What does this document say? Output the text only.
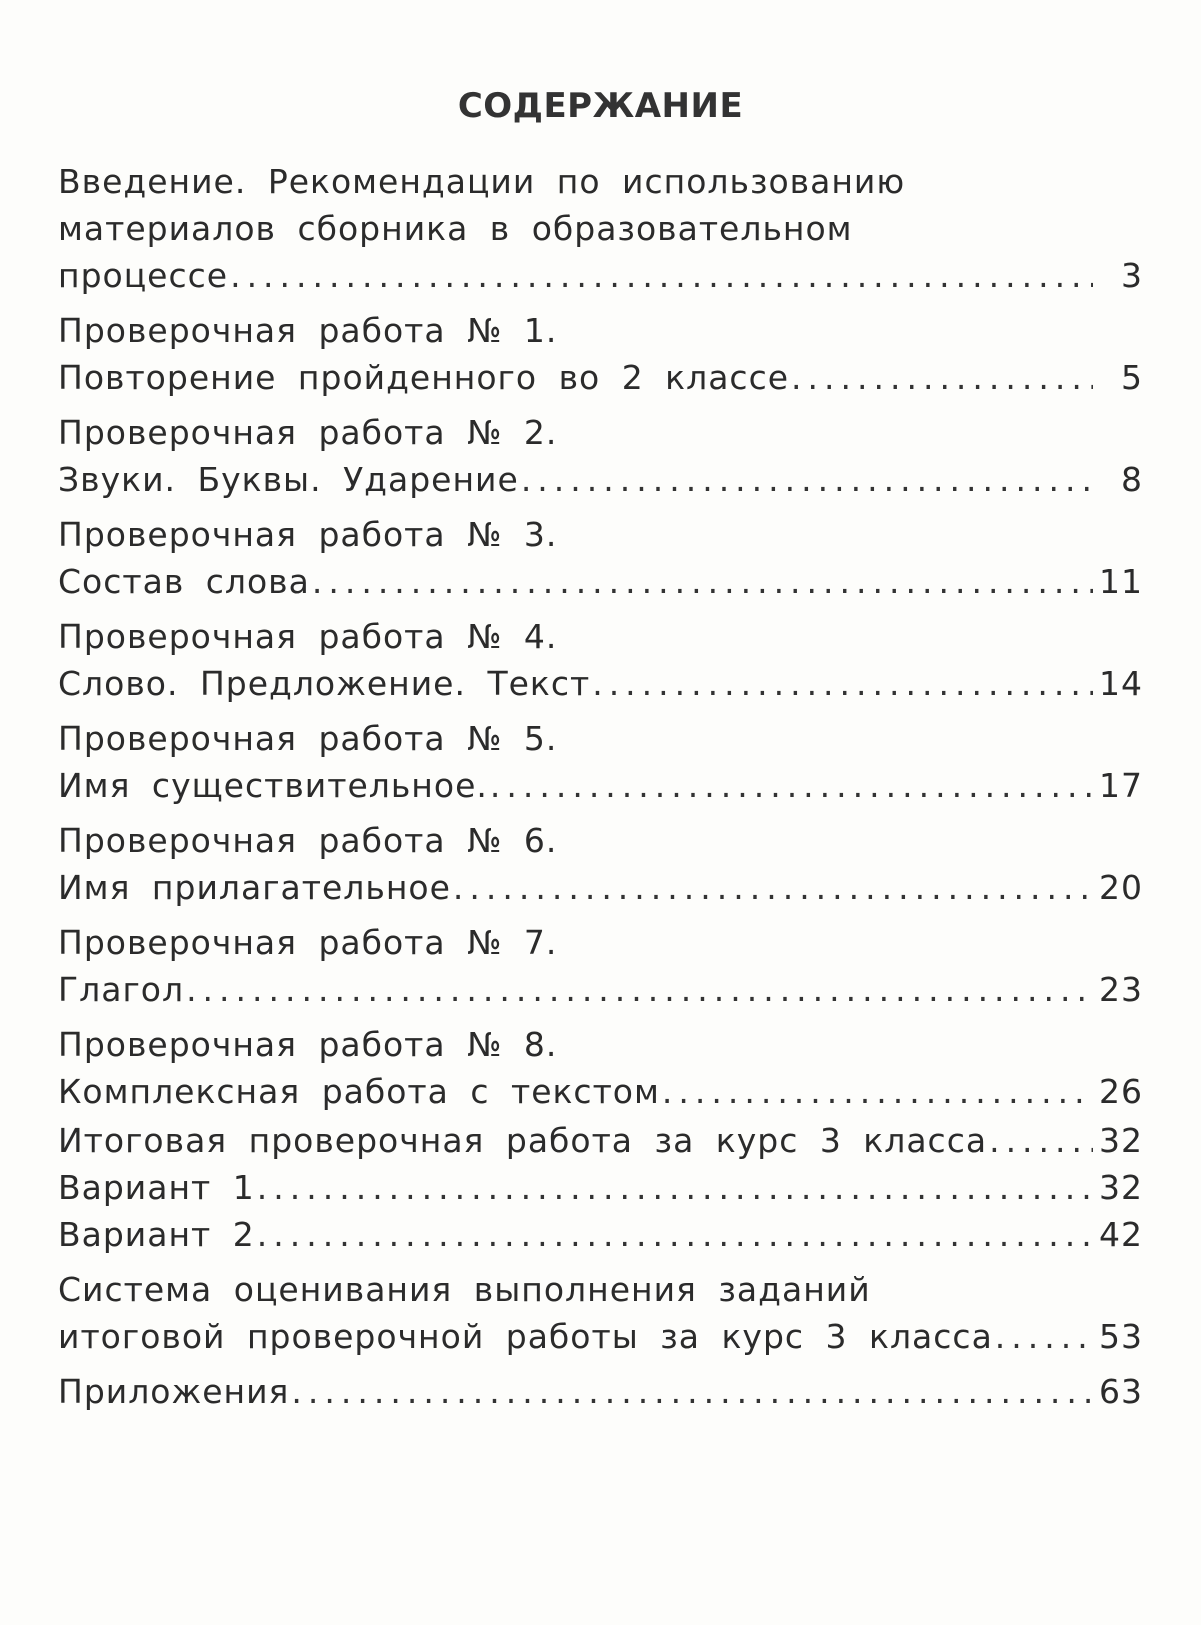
СОДЕРЖАНИЕ
Введение. Рекомендации по использованию
материалов сборника в образовательном
процессе .....	3
Проверочная работа № 1.
Повторение пройденного во 2 классе .....	5
Проверочная работа № 2.
Звуки. Буквы. Ударение .....	8
Проверочная работа № 3.
Состав слова .....	11
Проверочная работа № 4.
Слово. Предложение. Текст .....	14
Проверочная работа № 5.
Имя существительное. .....	17
Проверочная работа № 6.
Имя прилагательное .....	20
Проверочная работа № 7.
Глагол .....	23
Проверочная работа № 8.
Комплексная работа с текстом .....	26
Итоговая проверочная работа за курс 3 класса .....	32
Вариант 1 .....	32
Вариант 2 .....	42
Система оценивания выполнения заданий
итоговой проверочной работы за курс 3 класса .....	53
Приложения .....	63
